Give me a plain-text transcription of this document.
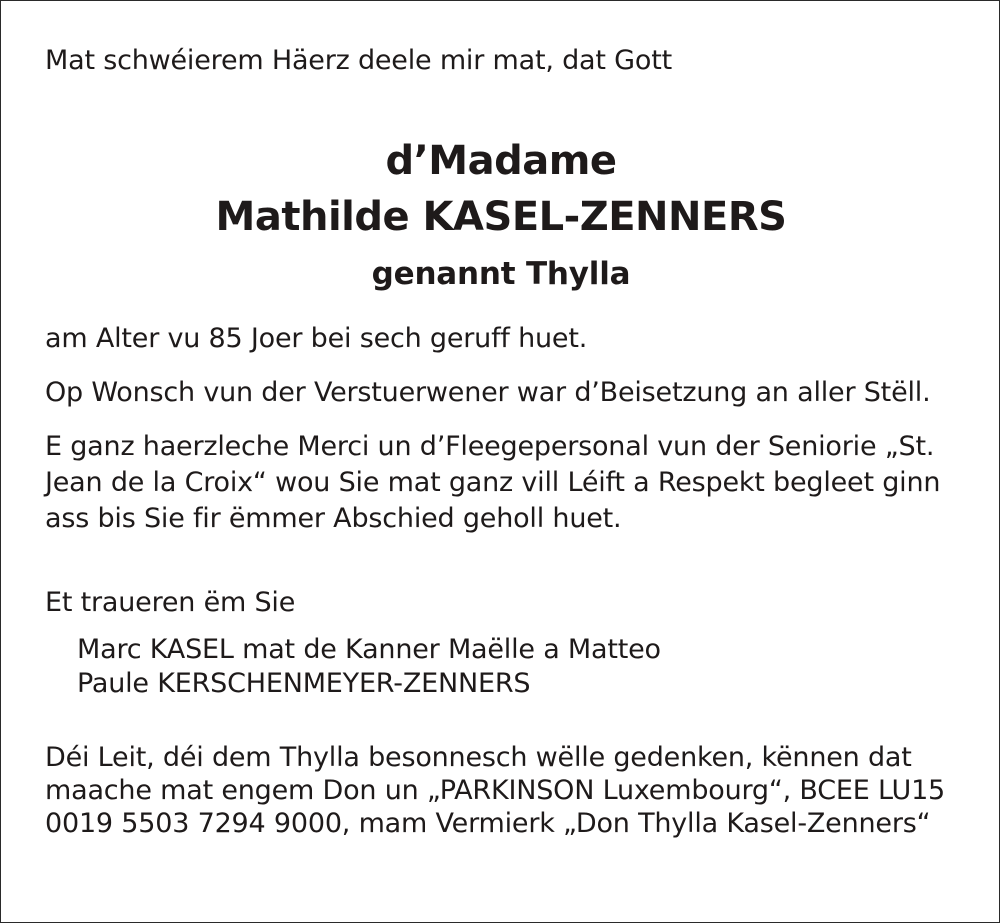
Mat schwéierem Häerz deele mir mat, dat Gott

d’Madame
Mathilde KASEL-ZENNERS
genannt Thylla

am Alter vu 85 Joer bei sech geruff huet.

Op Wonsch vun der Verstuerwener war d’Beisetzung an aller Stëll.

E ganz haerzleche Merci un d’Fleegepersonal vun der Seniorie „St. Jean de la Croix“ wou Sie mat ganz vill Léift a Respekt begleet ginn ass bis Sie fir ëmmer Abschied geholl huet.

Et traueren ëm Sie

Marc KASEL mat de Kanner Maëlle a Matteo
Paule KERSCHENMEYER-ZENNERS

Déi Leit, déi dem Thylla besonnesch wëlle gedenken, kënnen dat maache mat engem Don un „PARKINSON Luxembourg“, BCEE LU15 0019 5503 7294 9000, mam Vermierk „Don Thylla Kasel-Zenners“
